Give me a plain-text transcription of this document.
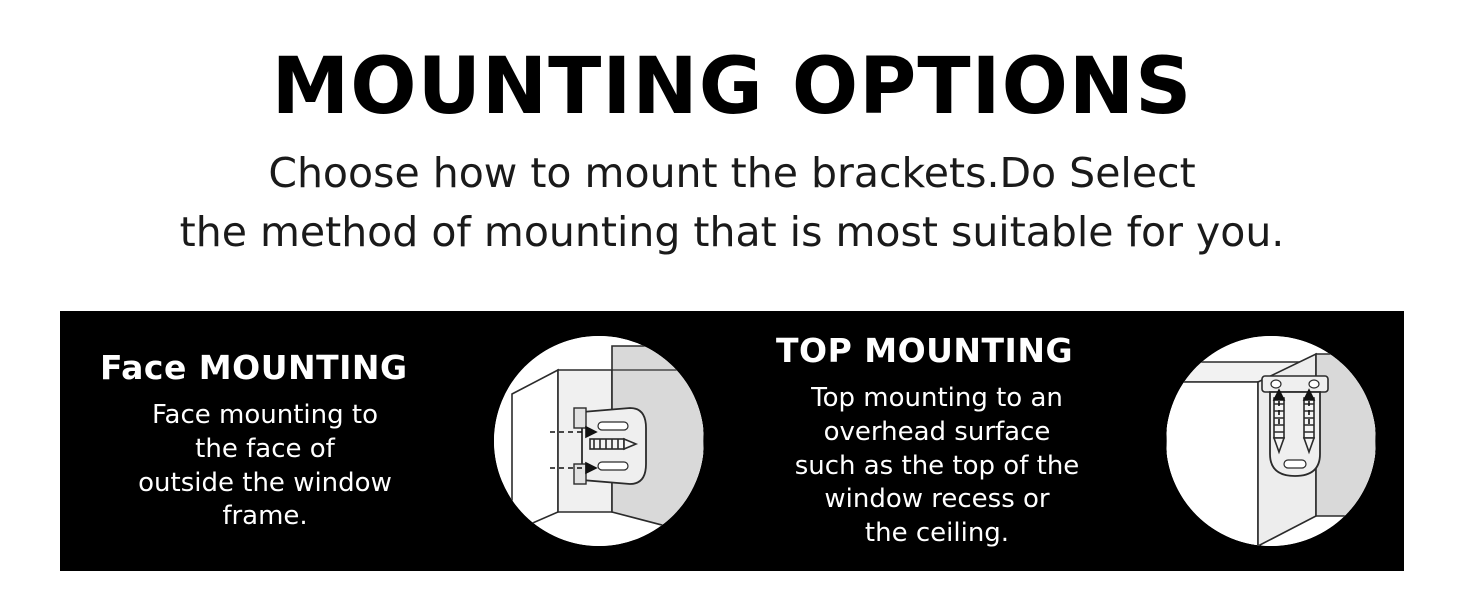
MOUNTING OPTIONS
Choose how to mount the brackets.Do Select
the method of mounting that is most suitable for you.
Face MOUNTING
Face mounting to
the face of
outside the window
frame.
TOP MOUNTING
Top mounting to an
overhead surface
such as the top of the
window recess or
the ceiling.
